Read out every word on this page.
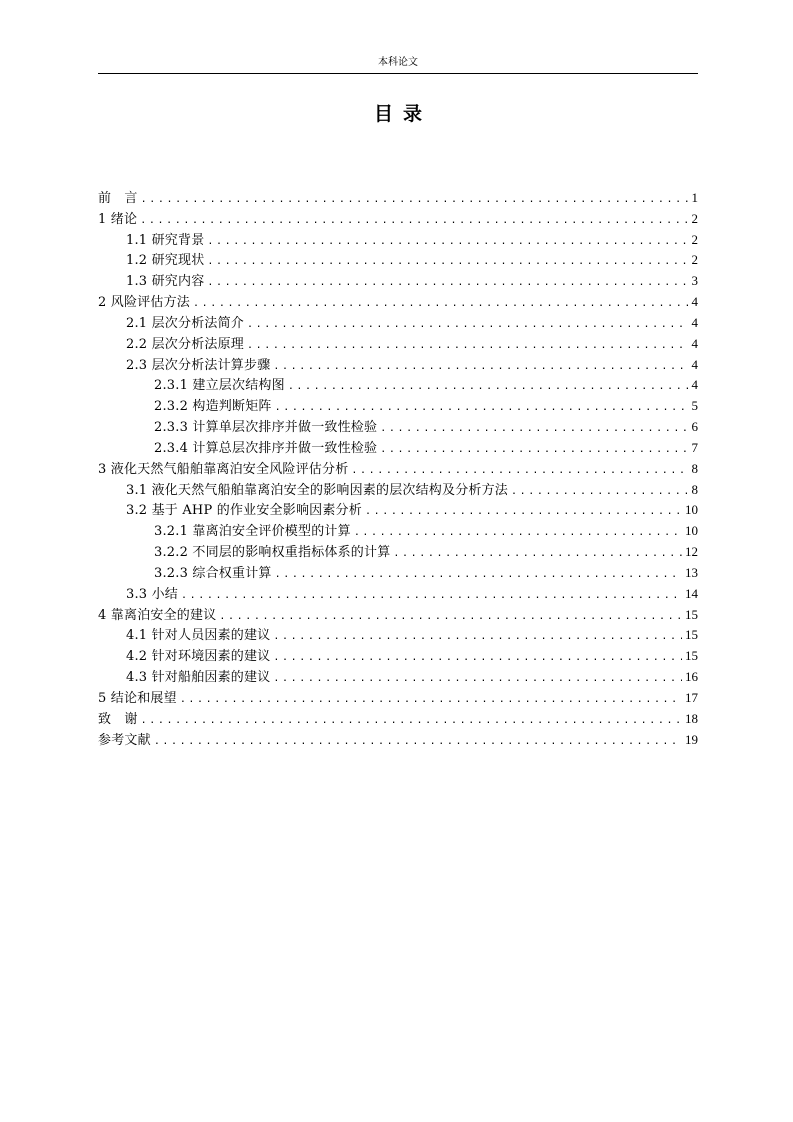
本科论文
目录
前　言 .....	1
1 绪论 .....	2
1.1 研究背景 .....	2
1.2 研究现状 .....	2
1.3 研究内容 .....	3
2 风险评估方法 .....	4
2.1 层次分析法简介 .....	4
2.2 层次分析法原理 .....	4
2.3 层次分析法计算步骤 .....	4
2.3.1 建立层次结构图 .....	4
2.3.2 构造判断矩阵 .....	5
2.3.3 计算单层次排序并做一致性检验 .....	6
2.3.4 计算总层次排序并做一致性检验 .....	7
3 液化天然气船舶靠离泊安全风险评估分析 .....	8
3.1 液化天然气船舶靠离泊安全的影响因素的层次结构及分析方法 .....	8
3.2 基于 AHP 的作业安全影响因素分析 .....	10
3.2.1 靠离泊安全评价模型的计算 .....	10
3.2.2 不同层的影响权重指标体系的计算 .....	12
3.2.3 综合权重计算 .....	13
3.3 小结 .....	14
4 靠离泊安全的建议 .....	15
4.1 针对人员因素的建议 .....	15
4.2 针对环境因素的建议 .....	15
4.3 针对船舶因素的建议 .....	16
5 结论和展望 .....	17
致　谢 .....	18
参考文献 .....	19
